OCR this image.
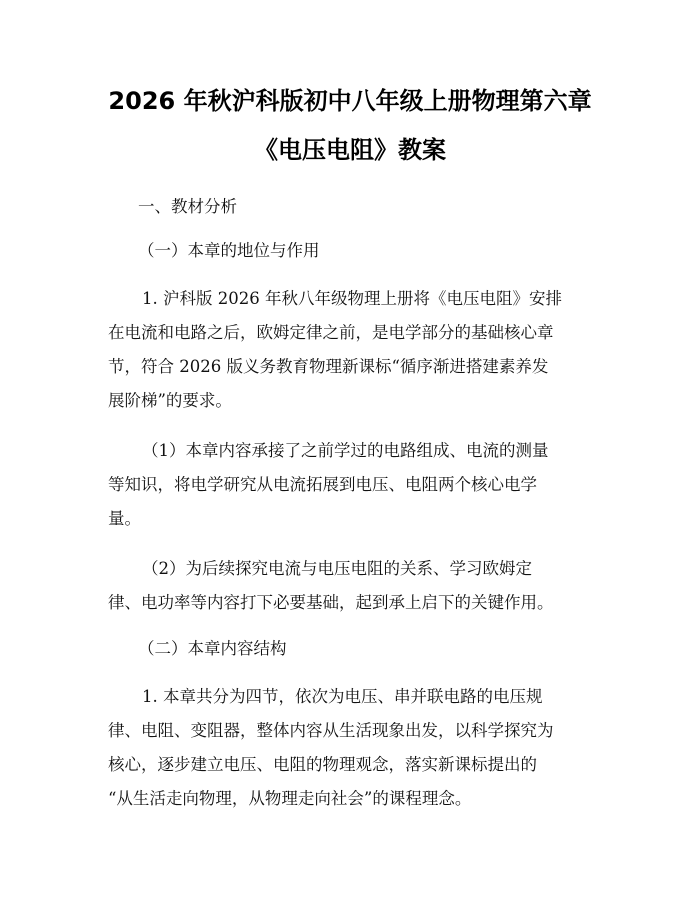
2026 年秋沪科版初中八年级上册物理第六章
《电压电阻》教案
一、教材分析
（一）本章的地位与作用
1. 沪科版 2026 年秋八年级物理上册将《电压电阻》安排
在电流和电路之后，欧姆定律之前，是电学部分的基础核心章
节，符合 2026 版义务教育物理新课标“循序渐进搭建素养发
展阶梯”的要求。
（1）本章内容承接了之前学过的电路组成、电流的测量
等知识，将电学研究从电流拓展到电压、电阻两个核心电学
量。
（2）为后续探究电流与电压电阻的关系、学习欧姆定
律、电功率等内容打下必要基础，起到承上启下的关键作用。
（二）本章内容结构
1. 本章共分为四节，依次为电压、串并联电路的电压规
律、电阻、变阻器，整体内容从生活现象出发，以科学探究为
核心，逐步建立电压、电阻的物理观念，落实新课标提出的
“从生活走向物理，从物理走向社会”的课程理念。
